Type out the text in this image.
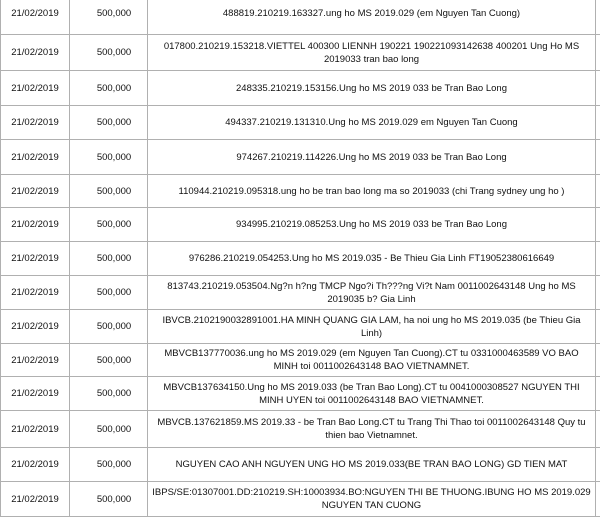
21/02/2019	500,000	488819.210219.163327.ung ho MS 2019.029 (em Nguyen Tan Cuong)	
21/02/2019	500,000	017800.210219.153218.VIETTEL 400300 LIENNH 190221 190221093142638 400201 Ung Ho MS 2019033 tran bao long	
21/02/2019	500,000	248335.210219.153156.Ung ho MS 2019 033 be Tran Bao Long	
21/02/2019	500,000	494337.210219.131310.Ung ho MS 2019.029 em Nguyen Tan Cuong	
21/02/2019	500,000	974267.210219.114226.Ung ho MS 2019 033 be Tran Bao Long	
21/02/2019	500,000	110944.210219.095318.ung ho be tran bao long ma so 2019033 (chi Trang sydney ung ho )	
21/02/2019	500,000	934995.210219.085253.Ung ho MS 2019 033 be Tran Bao Long	
21/02/2019	500,000	976286.210219.054253.Ung ho MS 2019.035 - Be Thieu Gia Linh FT19052380616649	
21/02/2019	500,000	813743.210219.053504.Ng?n h?ng TMCP Ngo?i Th???ng Vi?t Nam 0011002643148 Ung ho MS 2019035 b? Gia Linh	
21/02/2019	500,000	IBVCB.2102190032891001.HA MINH QUANG GIA LAM, ha noi ung ho MS 2019.035 (be Thieu Gia Linh)	
21/02/2019	500,000	MBVCB137770036.ung ho MS 2019.029 (em Nguyen Tan Cuong).CT tu 0331000463589 VO BAO MINH toi 0011002643148 BAO VIETNAMNET.	
21/02/2019	500,000	MBVCB137634150.Ung ho MS 2019.033 (be Tran Bao Long).CT tu 0041000308527 NGUYEN THI MINH UYEN toi 0011002643148 BAO VIETNAMNET.	
21/02/2019	500,000	MBVCB.137621859.MS 2019.33 - be Tran Bao Long.CT tu Trang Thi Thao toi 0011002643148 Quy tu thien bao Vietnamnet.	
21/02/2019	500,000	NGUYEN CAO ANH NGUYEN UNG HO MS 2019.033(BE TRAN BAO LONG) GD TIEN MAT	
21/02/2019	500,000	IBPS/SE:01307001.DD:210219.SH:10003934.BO:NGUYEN THI BE THUONG.IBUNG HO MS 2019.029 NGUYEN TAN CUONG	
